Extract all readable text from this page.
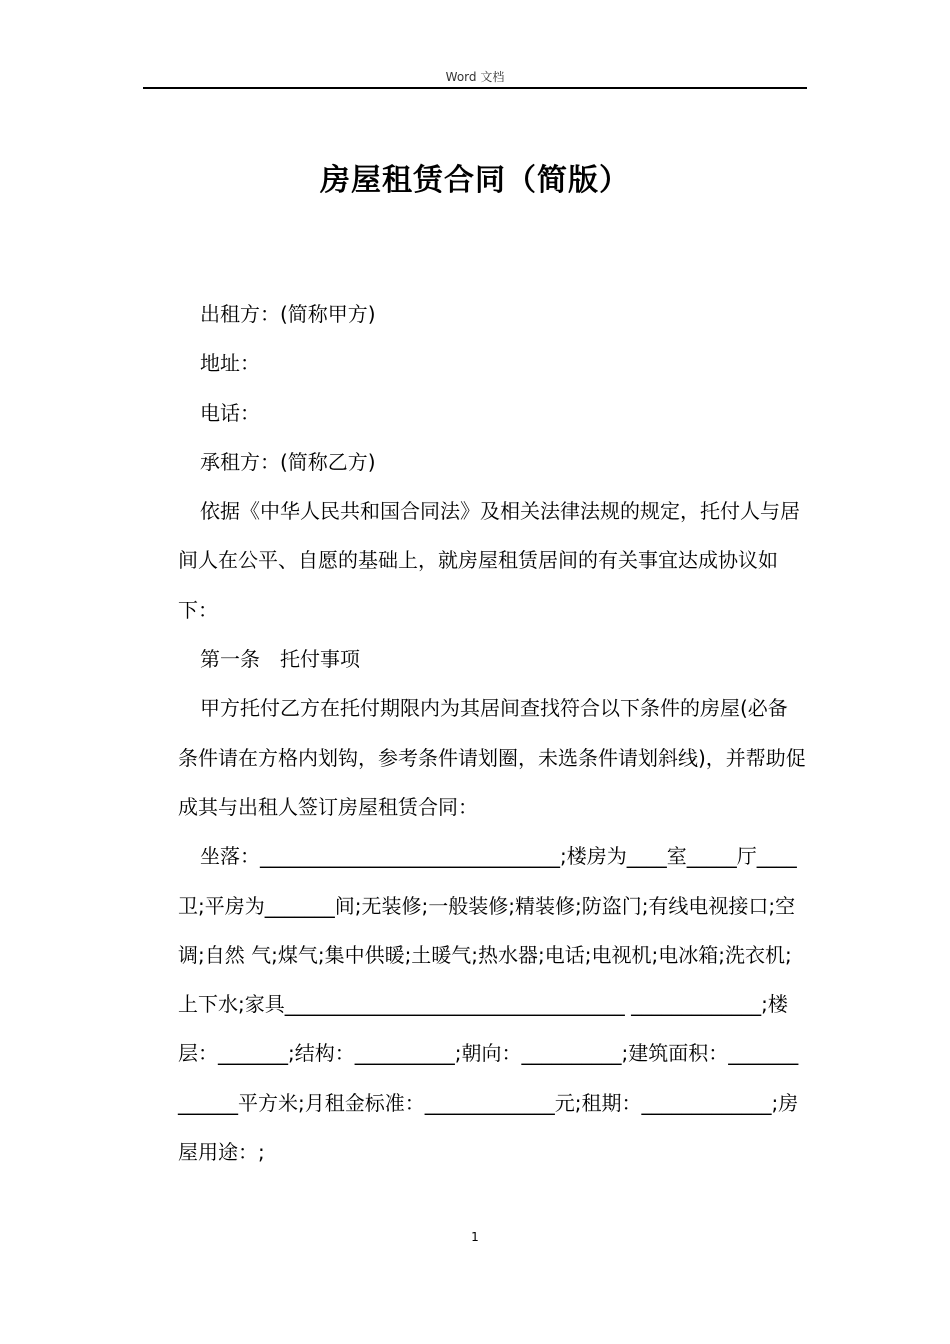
Word 文档
房屋租赁合同（简版）

出租方：(简称甲方)

地址：

电话：

承租方：(简称乙方)

依据《中华人民共和国合同法》及相关法律法规的规定，托付人与居间人在公平、自愿的基础上，就房屋租赁居间的有关事宜达成协议如下：

第一条　托付事项

甲方托付乙方在托付期限内为其居间查找符合以下条件的房屋(必备条件请在方格内划钩，参考条件请划圈，未选条件请划斜线)，并帮助促成其与出租人签订房屋租赁合同：

坐落：______________________________;楼房为____室_____厅____卫;平房为_______间;无装修;一般装修;精装修;防盗门;有线电视接口;空调;自然 气;煤气;集中供暖;土暖气;热水器;电话;电视机;电冰箱;洗衣机;上下水;家具__________________________________ _____________;楼层：_______;结构：__________;朝向：__________;建筑面积：_____________平方米;月租金标准：_____________元;租期：_____________;房屋用途：;

1
